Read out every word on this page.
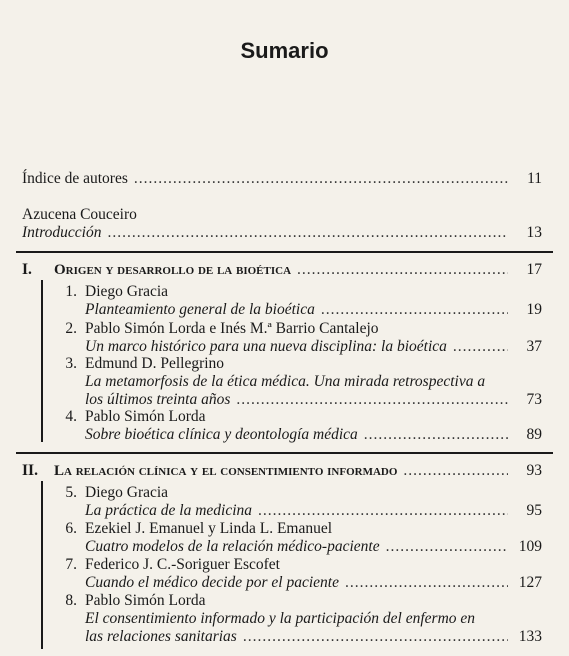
Sumario
Índice de autores .....	11
Azucena Couceiro
Introducción .....	13
I. Origen y desarrollo de la bioética .....	17
1. Diego Gracia
Planteamiento general de la bioética .....	19
2. Pablo Simón Lorda e Inés M.ª Barrio Cantalejo
Un marco histórico para una nueva disciplina: la bioética .....	37
3. Edmund D. Pellegrino
La metamorfosis de la ética médica. Una mirada retrospectiva a
los últimos treinta años .....	73
4. Pablo Simón Lorda
Sobre bioética clínica y deontología médica .....	89
II. La relación clínica y el consentimiento informado .....	93
5. Diego Gracia
La práctica de la medicina .....	95
6. Ezekiel J. Emanuel y Linda L. Emanuel
Cuatro modelos de la relación médico-paciente .....	109
7. Federico J. C.-Soriguer Escofet
Cuando el médico decide por el paciente .....	127
8. Pablo Simón Lorda
El consentimiento informado y la participación del enfermo en
las relaciones sanitarias .....	133
